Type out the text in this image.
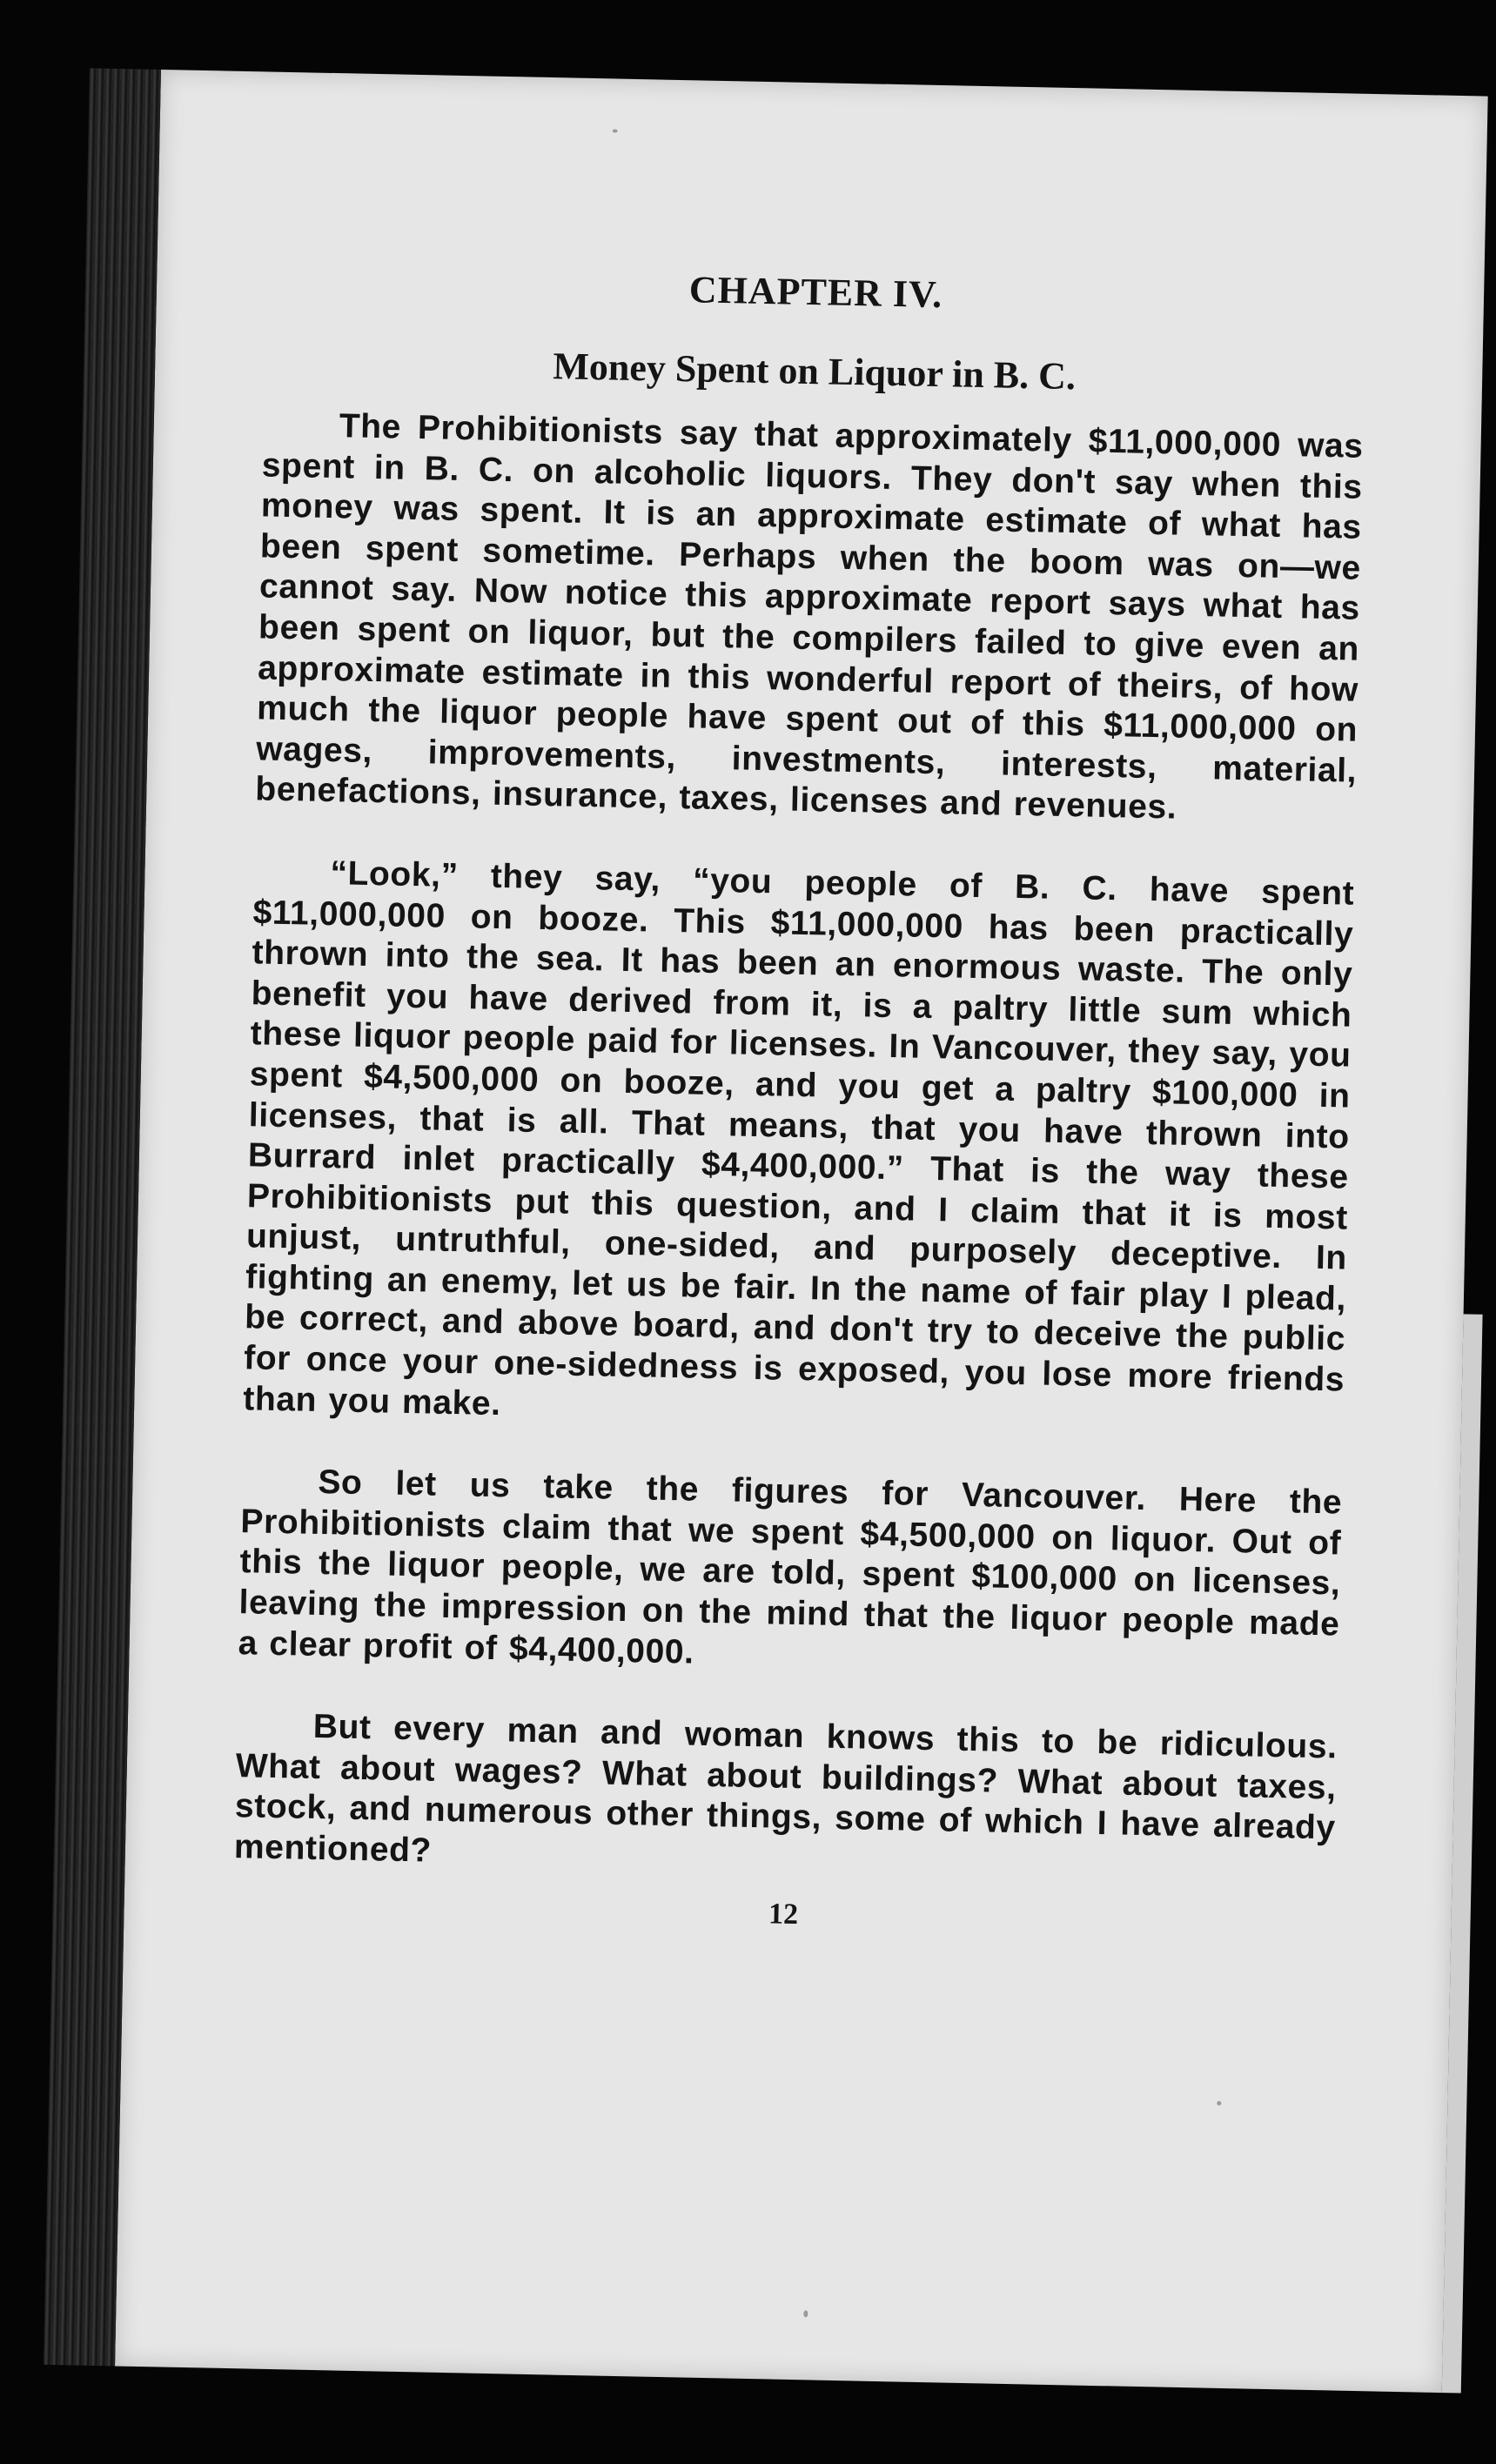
CHAPTER IV.
Money Spent on Liquor in B. C.

The Prohibitionists say that approximately $11,000,000 was spent in B. C. on alcoholic liquors. They don't say when this money was spent. It is an approximate estimate of what has been spent sometime. Perhaps when the boom was on—we cannot say. Now notice this approximate report says what has been spent on liquor, but the compilers failed to give even an approximate estimate in this wonderful report of theirs, of how much the liquor people have spent out of this $11,000,000 on wages, improvements, investments, interests, material, benefactions, insurance, taxes, licenses and revenues.

“Look,” they say, “you people of B. C. have spent $11,000,000 on booze. This $11,000,000 has been practically thrown into the sea. It has been an enormous waste. The only benefit you have derived from it, is a paltry little sum which these liquor people paid for licenses. In Vancouver, they say, you spent $4,500,000 on booze, and you get a paltry $100,000 in licenses, that is all. That means, that you have thrown into Burrard inlet practically $4,400,000.” That is the way these Prohibitionists put this question, and I claim that it is most unjust, untruthful, one-sided, and purposely deceptive. In fighting an enemy, let us be fair. In the name of fair play I plead, be correct, and above board, and don't try to deceive the public for once your one-sidedness is exposed, you lose more friends than you make.

So let us take the figures for Vancouver. Here the Prohibitionists claim that we spent $4,500,000 on liquor. Out of this the liquor people, we are told, spent $100,000 on licenses, leaving the impression on the mind that the liquor people made a clear profit of $4,400,000.

But every man and woman knows this to be ridiculous. What about wages? What about buildings? What about taxes, stock, and numerous other things, some of which I have already mentioned?

12
